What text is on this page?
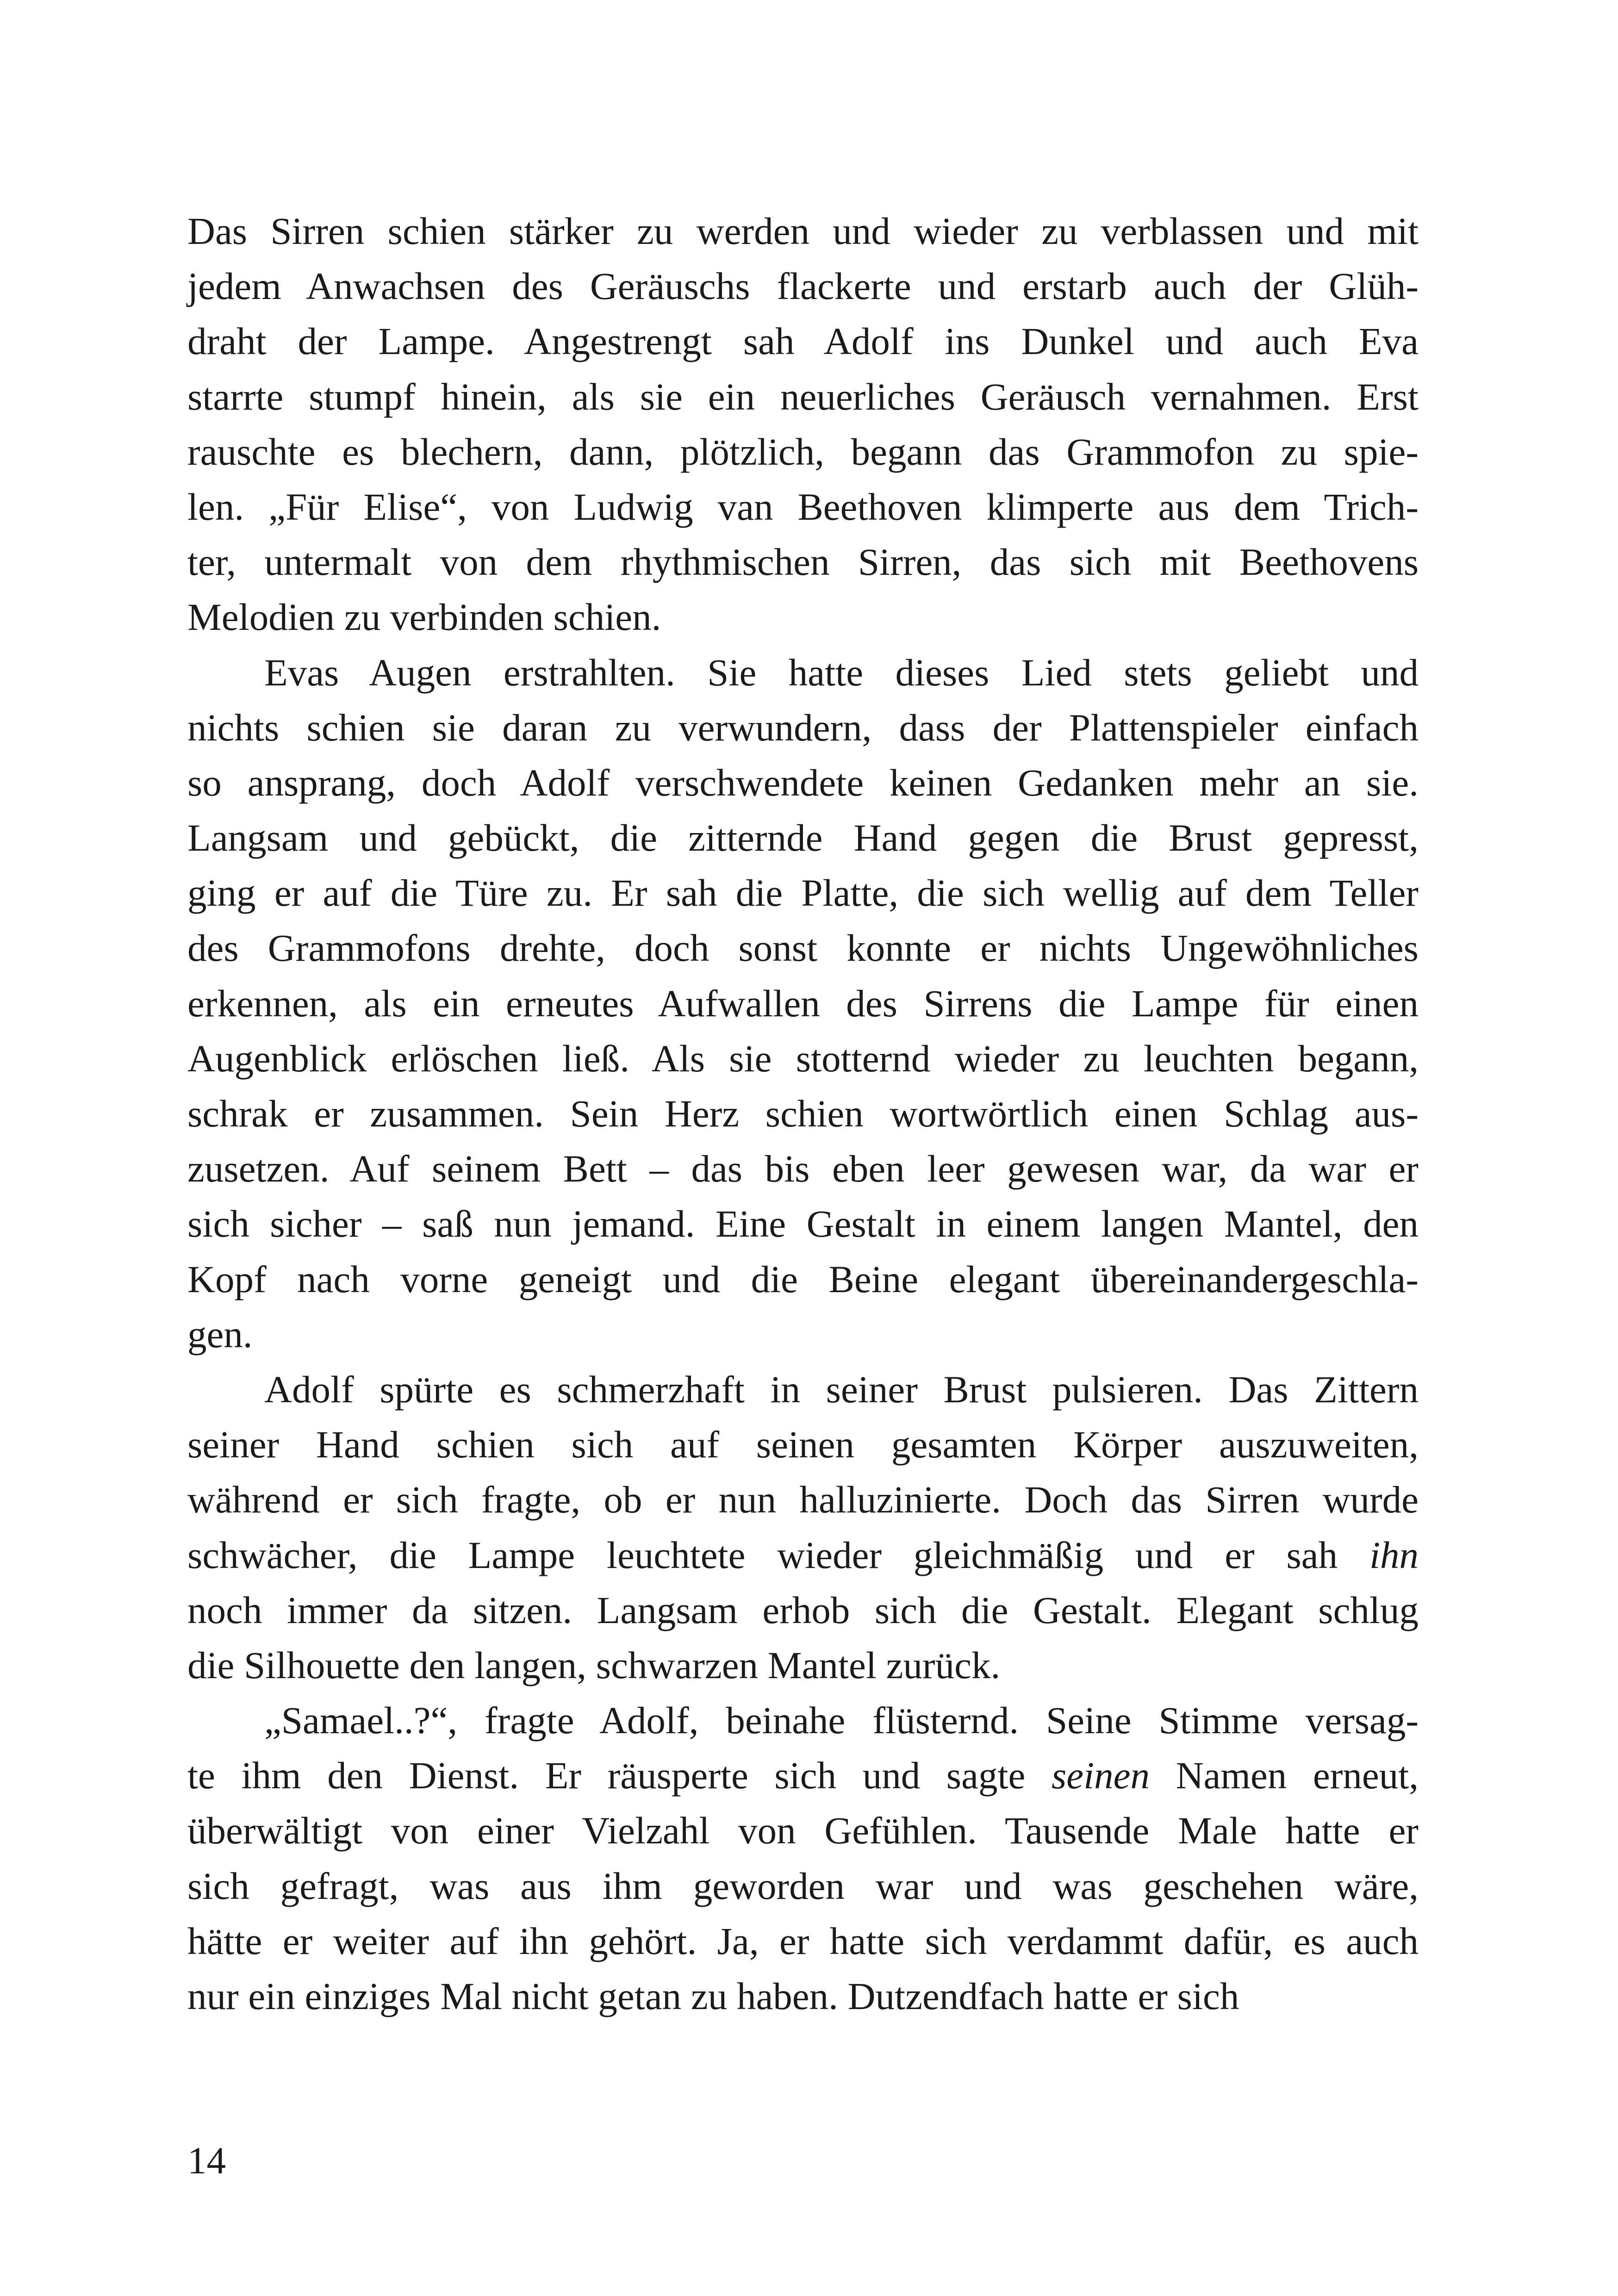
Das Sirren schien stärker zu werden und wieder zu verblassen und mit
jedem Anwachsen des Geräuschs flackerte und erstarb auch der Glüh-
draht der Lampe. Angestrengt sah Adolf ins Dunkel und auch Eva
starrte stumpf hinein, als sie ein neuerliches Geräusch vernahmen. Erst
rauschte es blechern, dann, plötzlich, begann das Grammofon zu spie-
len. „Für Elise“, von Ludwig van Beethoven klimperte aus dem Trich-
ter, untermalt von dem rhythmischen Sirren, das sich mit Beethovens
Melodien zu verbinden schien.
Evas Augen erstrahlten. Sie hatte dieses Lied stets geliebt und
nichts schien sie daran zu verwundern, dass der Plattenspieler einfach
so ansprang, doch Adolf verschwendete keinen Gedanken mehr an sie.
Langsam und gebückt, die zitternde Hand gegen die Brust gepresst,
ging er auf die Türe zu. Er sah die Platte, die sich wellig auf dem Teller
des Grammofons drehte, doch sonst konnte er nichts Ungewöhnliches
erkennen, als ein erneutes Aufwallen des Sirrens die Lampe für einen
Augenblick erlöschen ließ. Als sie stotternd wieder zu leuchten begann,
schrak er zusammen. Sein Herz schien wortwörtlich einen Schlag aus-
zusetzen. Auf seinem Bett – das bis eben leer gewesen war, da war er
sich sicher – saß nun jemand. Eine Gestalt in einem langen Mantel, den
Kopf nach vorne geneigt und die Beine elegant übereinandergeschla-
gen.
Adolf spürte es schmerzhaft in seiner Brust pulsieren. Das Zittern
seiner Hand schien sich auf seinen gesamten Körper auszuweiten,
während er sich fragte, ob er nun halluzinierte. Doch das Sirren wurde
schwächer, die Lampe leuchtete wieder gleichmäßig und er sah ihn
noch immer da sitzen. Langsam erhob sich die Gestalt. Elegant schlug
die Silhouette den langen, schwarzen Mantel zurück.
„Samael..?“, fragte Adolf, beinahe flüsternd. Seine Stimme versag-
te ihm den Dienst. Er räusperte sich und sagte seinen Namen erneut,
überwältigt von einer Vielzahl von Gefühlen. Tausende Male hatte er
sich gefragt, was aus ihm geworden war und was geschehen wäre,
hätte er weiter auf ihn gehört. Ja, er hatte sich verdammt dafür, es auch
nur ein einziges Mal nicht getan zu haben. Dutzendfach hatte er sich
14
